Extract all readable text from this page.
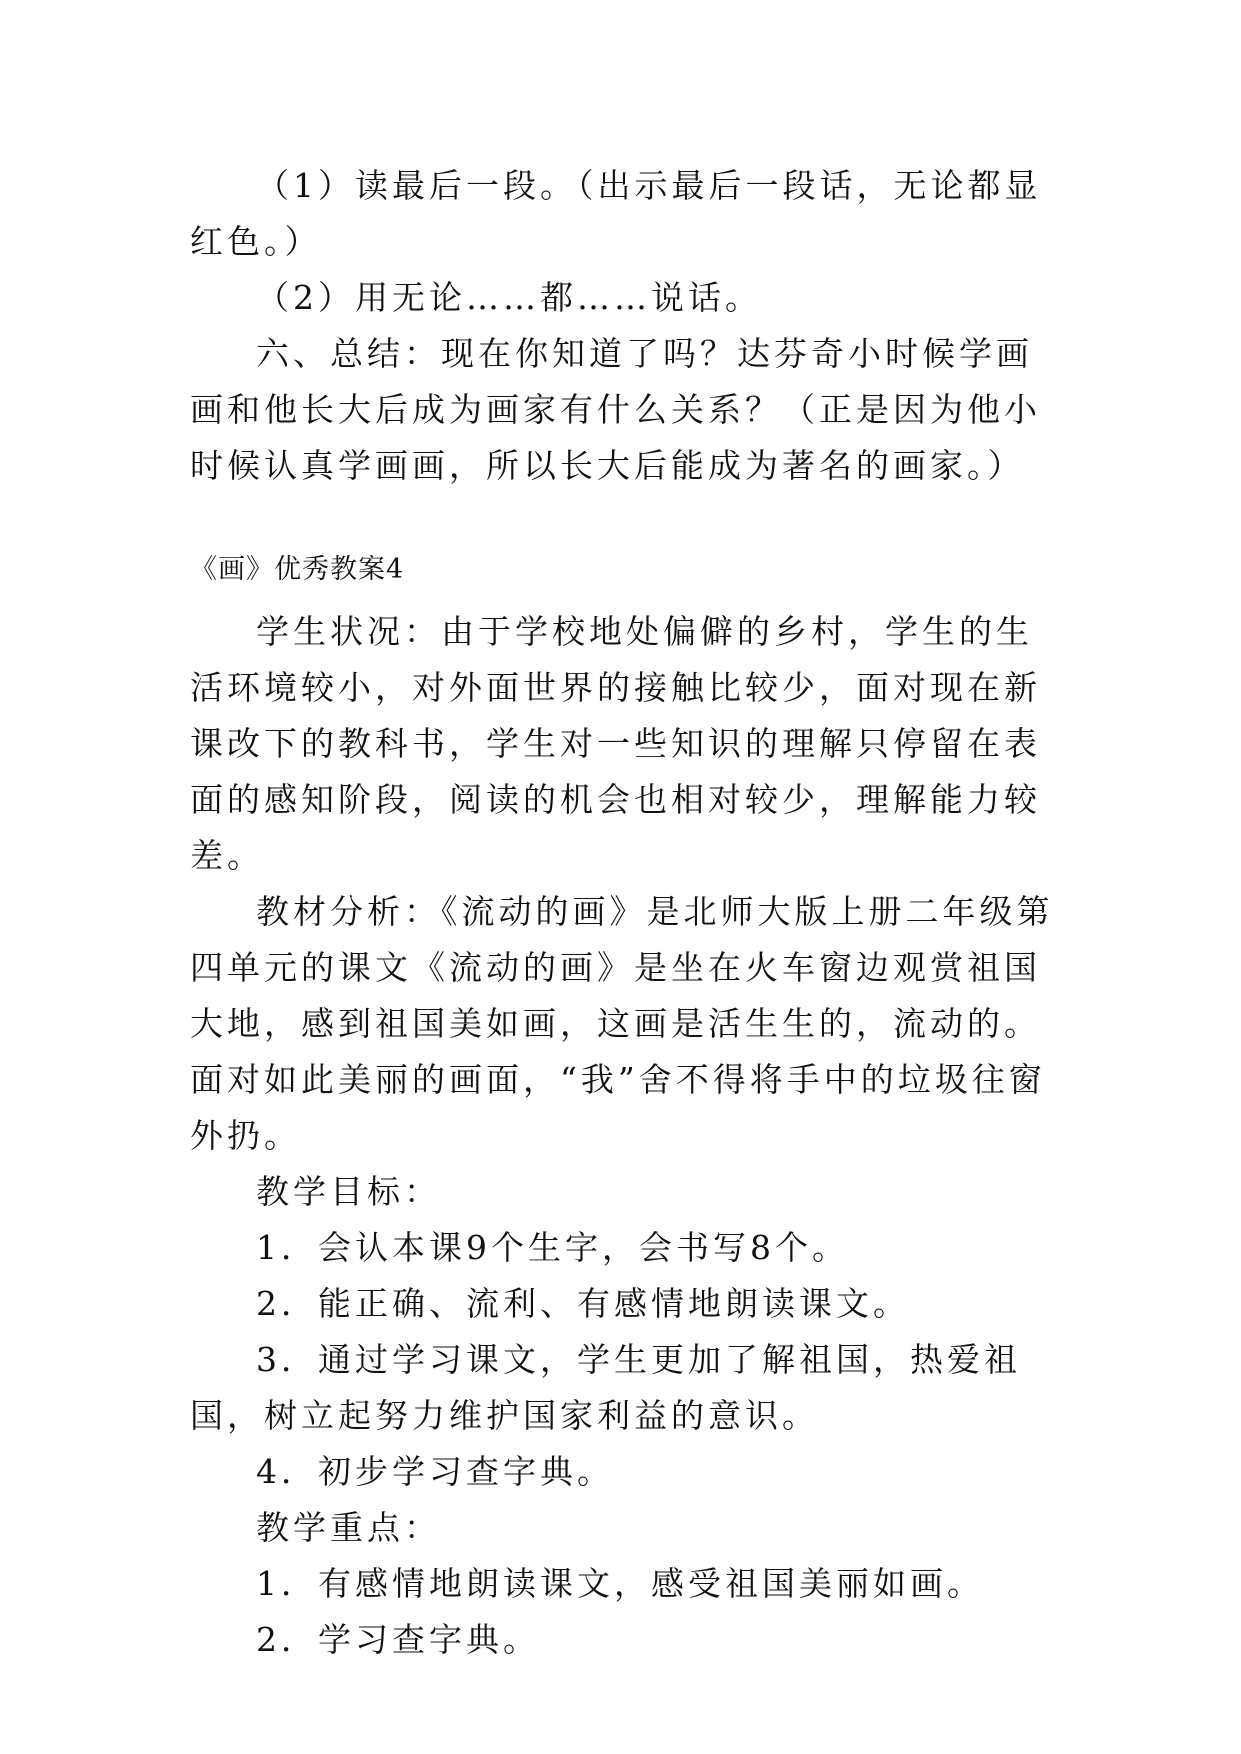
（1）读最后一段。（出示最后一段话，无论都显红色。）

（2）用无论……都……说话。

六、总结：现在你知道了吗？达芬奇小时候学画画和他长大后成为画家有什么关系？（正是因为他小时候认真学画画，所以长大后能成为著名的画家。）

《画》优秀教案4

学生状况：由于学校地处偏僻的乡村，学生的生活环境较小，对外面世界的接触比较少，面对现在新课改下的教科书，学生对一些知识的理解只停留在表面的感知阶段，阅读的机会也相对较少，理解能力较差。

教材分析：《流动的画》是北师大版上册二年级第四单元的课文《流动的画》是坐在火车窗边观赏祖国大地，感到祖国美如画，这画是活生生的，流动的。面对如此美丽的画面，“我”舍不得将手中的垃圾往窗外扔。

教学目标：

1．会认本课9个生字，会书写8个。

2．能正确、流利、有感情地朗读课文。

3．通过学习课文，学生更加了解祖国，热爱祖国，树立起努力维护国家利益的意识。

4．初步学习查字典。

教学重点：

1．有感情地朗读课文，感受祖国美丽如画。

2．学习查字典。
